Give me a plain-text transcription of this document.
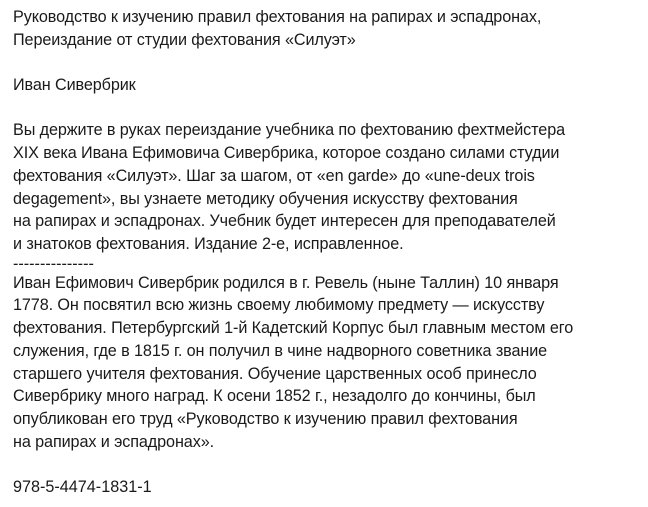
Руководство к изучению правил фехтования на рапирах и эспадронах,
Переиздание от студии фехтования «Силуэт»
Иван Сивербрик
Вы держите в руках переиздание учебника по фехтованию фехтмейстера
XIX века Ивана Ефимовича Сивербрика, которое создано силами студии
фехтования «Силуэт». Шаг за шагом, от «en garde» до «une-deux trois
degagement», вы узнаете методику обучения искусству фехтования
на рапирах и эспадронах. Учебник будет интересен для преподавателей
и знатоков фехтования. Издание 2-е, исправленное.
---------------
Иван Ефимович Сивербрик родился в г. Ревель (ныне Таллин) 10 января
1778. Он посвятил всю жизнь своему любимому предмету — искусству
фехтования. Петербургский 1-й Кадетский Корпус был главным местом его
служения, где в 1815 г. он получил в чине надворного советника звание
старшего учителя фехтования. Обучение царственных особ принесло
Сивербрику много наград. К осени 1852 г., незадолго до кончины, был
опубликован его труд «Руководство к изучению правил фехтования
на рапирах и эспадронах».
978-5-4474-1831-1
